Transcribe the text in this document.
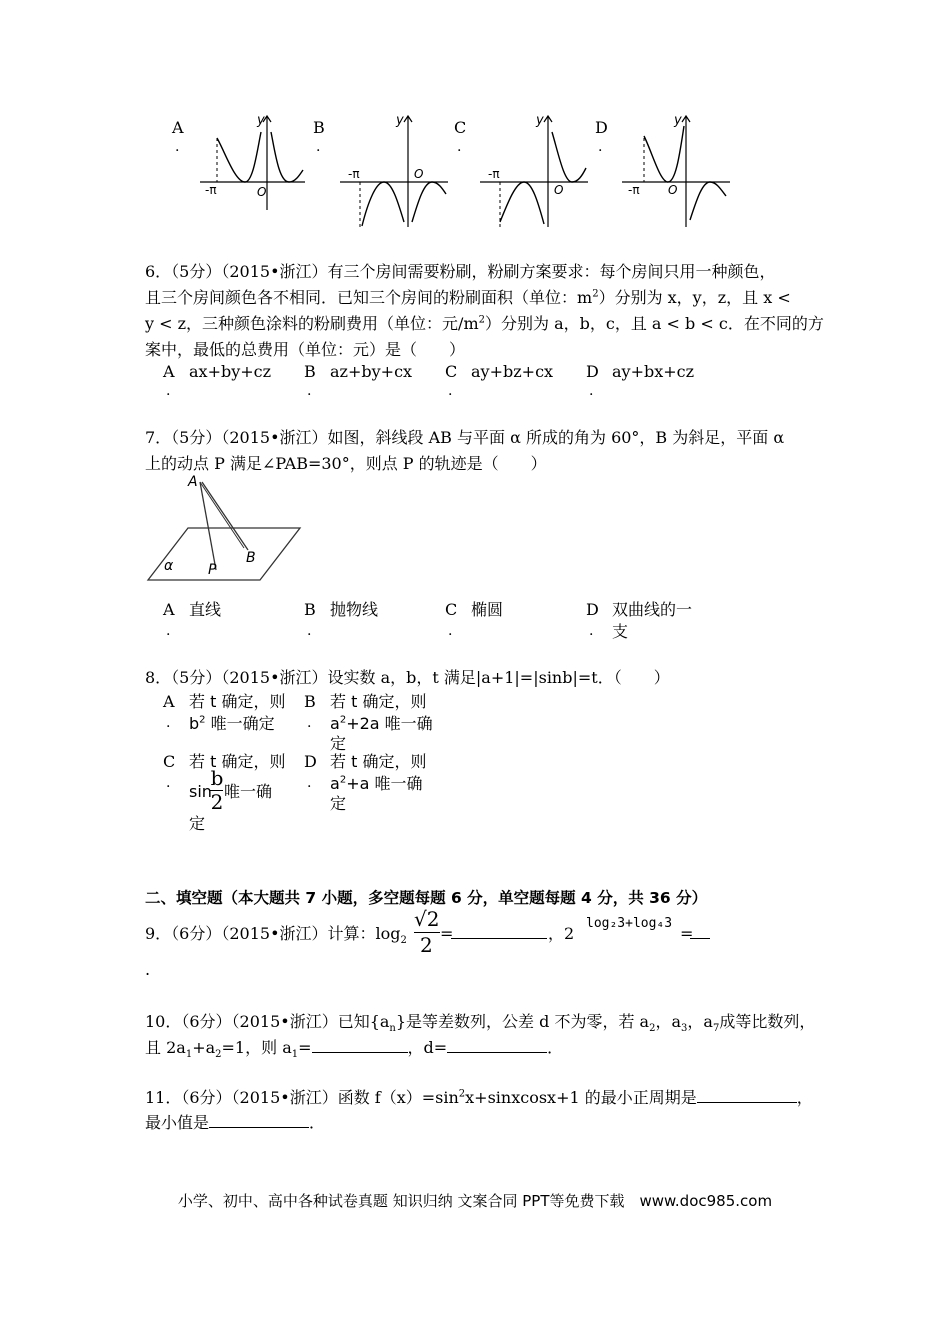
A
.
y
O
-π
B
.
y
O
-π
C
.
y
O
-π
D
.
y
O
-π
6．（5分）（2015•浙江）有三个房间需要粉刷，粉刷方案要求：每个房间只用一种颜色，
且三个房间颜色各不相同．已知三个房间的粉刷面积（单位：$m^2$）分别为 x，y，z，且 x <
y < z，三种颜色涂料的粉刷费用（单位：元$/m^2$）分别为 a，b，c，且 a < b < c．在不同的方
案中，最低的总费用（单位：元）是（　　）
A
.
ax+by+cz B
.
az+by+cx C
.
ay+bz+cx D
.
ay+bx+cz
7．（5分）（2015•浙江）如图，斜线段 AB 与平面 α 所成的角为 60°，B 为斜足，平面 α
上的动点 P 满足∠PAB=30°，则点 P 的轨迹是（　　）
A
B
P
α
A
.
直线	B
.
抛物线	C
.
椭圆	D
.
双曲线的一
支
8．（5分）（2015•浙江）设实数 a，b，t 满足|a+1|=|sinb|=t．（　　）
A
.
若 t 确定，则
$b^2$ 唯一确定
B
.
若 t 确定，则
$a^2+2a$ 唯一确
定
C
.
若 t 确定，则
sin
b
2 唯一确
定
D
.
若 t 确定，则
$a^2+a$ 唯一确
定
二、填空题（本大题共 7 小题，多空题每题 6 分，单空题每题 4 分，共 36 分）
9．（6分）（2015•浙江）计算：$\log_2$
√2
2 =	，2
log₂3+log₄3
=
.
10．（6分）（2015•浙江）已知$\{a_n\}$是等差数列，公差 d 不为零，若 $a_2$，$a_3$，$a_7$成等比数列，
且 $2a_1+a_2=1$，则 $a_1=$	，d=	．
11．（6分）（2015•浙江）函数 $f(x)=\sin^2x+sinxcosx+1$ 的最小正周期是	，
最小值是	．
小学、初中、高中各种试卷真题 知识归纳 文案合同 PPT等免费下载　www.doc985.com
